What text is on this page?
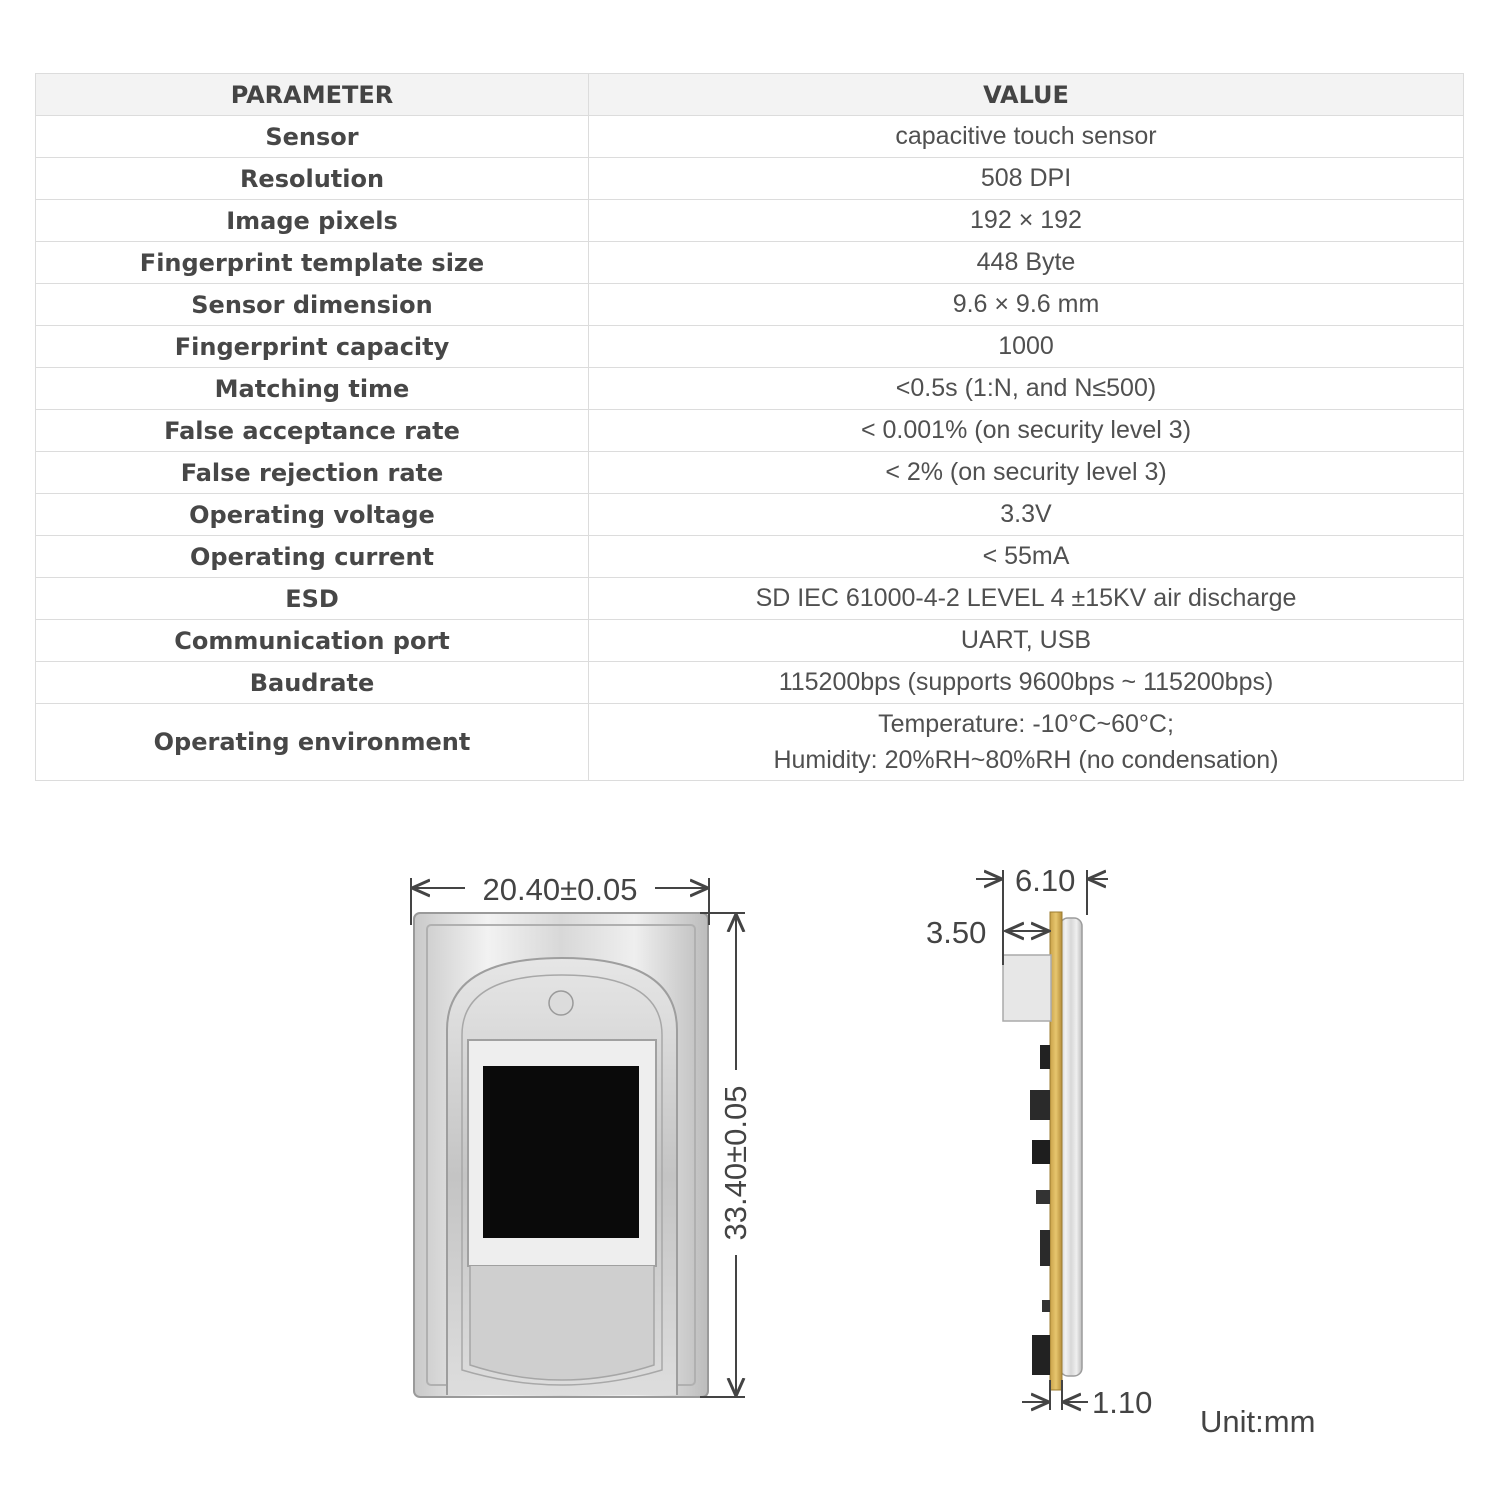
PARAMETER	VALUE
Sensor	capacitive touch sensor
Resolution	508 DPI
Image pixels	192 × 192
Fingerprint template size	448 Byte
Sensor dimension	9.6 × 9.6 mm
Fingerprint capacity	1000
Matching time	<0.5s (1:N, and N≤500)
False acceptance rate	< 0.001% (on security level 3)
False rejection rate	< 2% (on security level 3)
Operating voltage	3.3V
Operating current	< 55mA
ESD	SD IEC 61000-4-2 LEVEL 4 ±15KV air discharge
Communication port	UART, USB
Baudrate	115200bps (supports 9600bps ~ 115200bps)
Operating environment	Temperature: -10°C~60°C;
Humidity: 20%RH~80%RH (no condensation)
20.40±0.05
33.40±0.05
6.10
3.50
1.10
Unit:mm
